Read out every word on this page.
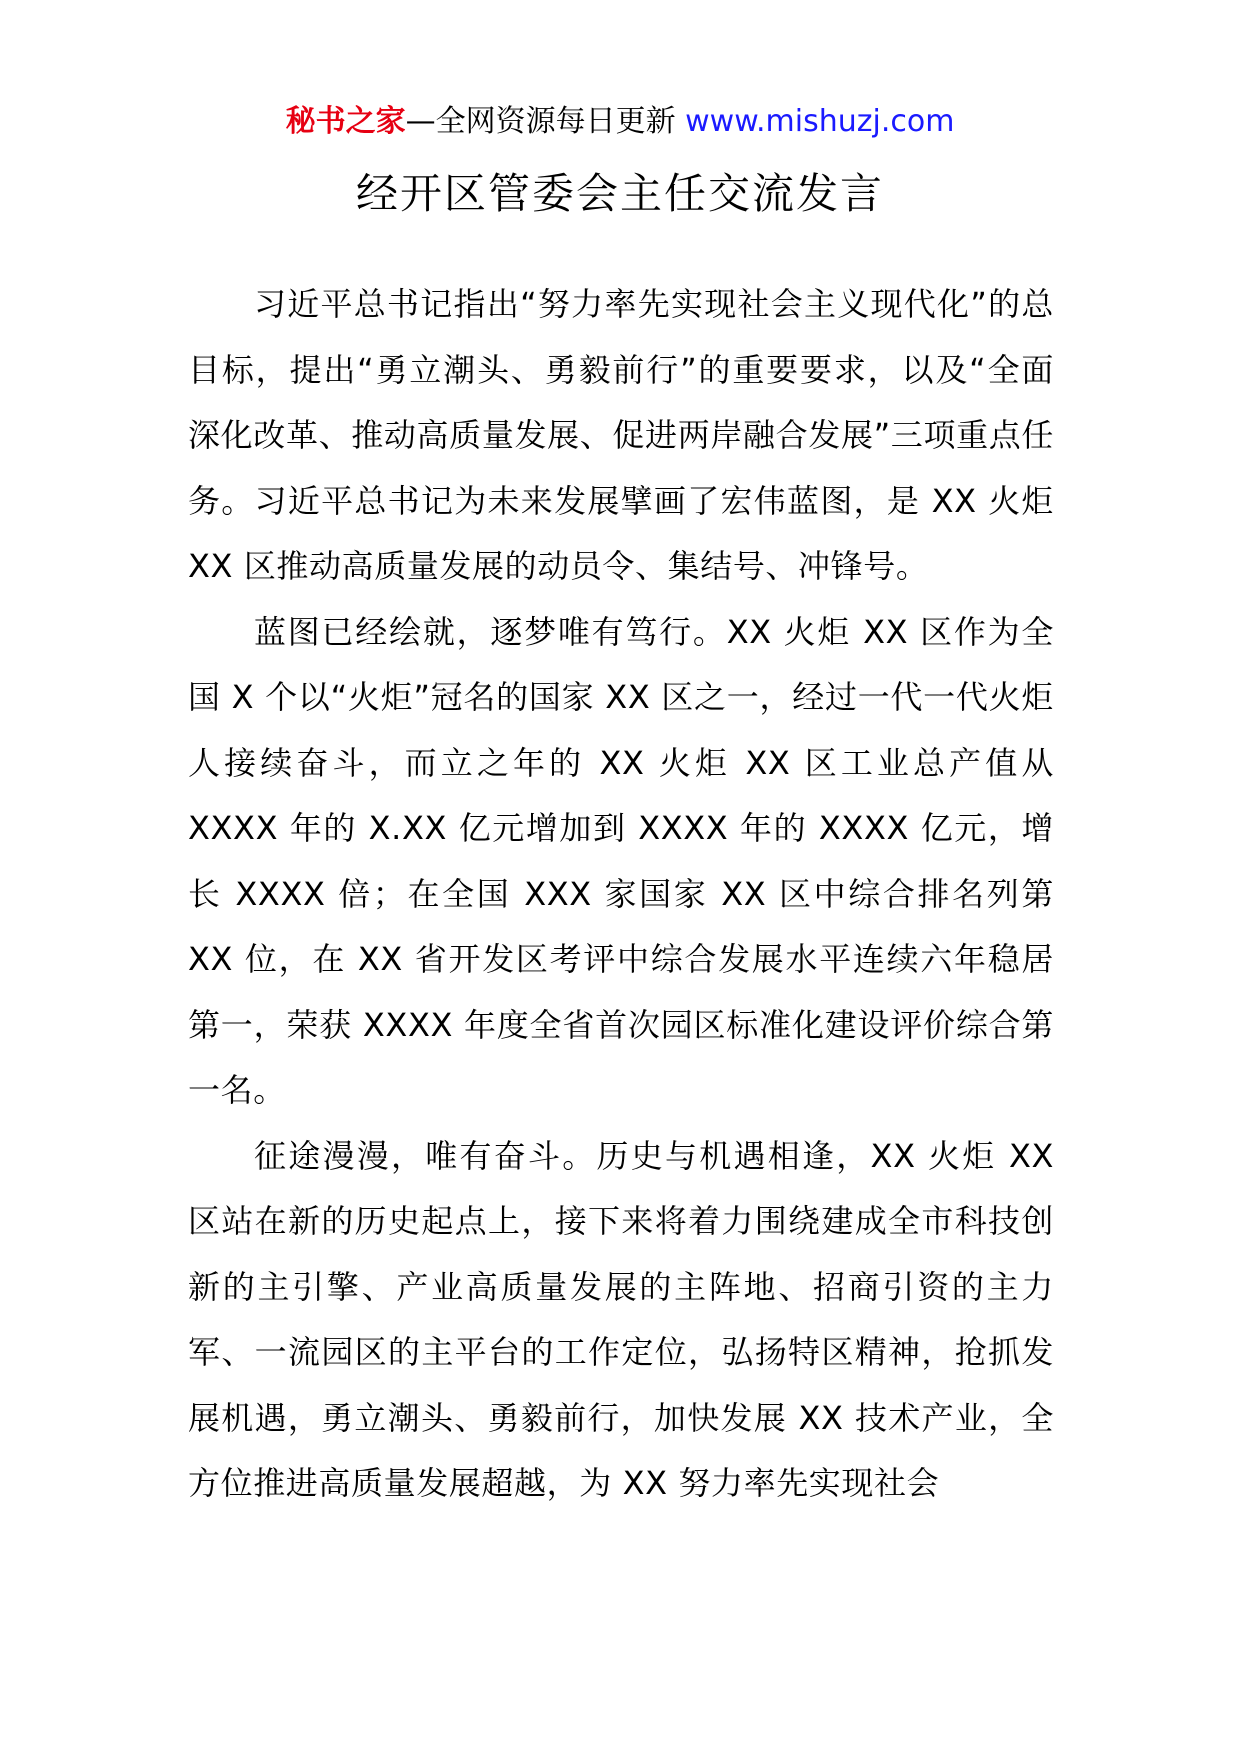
秘书之家—全网资源每日更新 www.mishuzj.com
经开区管委会主任交流发言

习近平总书记指出“努力率先实现社会主义现代化”的总目标，提出“勇立潮头、勇毅前行”的重要要求，以及“全面深化改革、推动高质量发展、促进两岸融合发展”三项重点任务。习近平总书记为未来发展擘画了宏伟蓝图，是 XX 火炬 XX 区推动高质量发展的动员令、集结号、冲锋号。

蓝图已经绘就，逐梦唯有笃行。XX 火炬 XX 区作为全国 X 个以“火炬”冠名的国家 XX 区之一，经过一代一代火炬人接续奋斗，而立之年的 XX 火炬 XX 区工业总产值从 XXXX 年的 X.XX 亿元增加到 XXXX 年的 XXXX 亿元，增长 XXXX 倍；在全国 XXX 家国家 XX 区中综合排名列第 XX 位，在 XX 省开发区考评中综合发展水平连续六年稳居第一，荣获 XXXX 年度全省首次园区标准化建设评价综合第一名。

征途漫漫，唯有奋斗。历史与机遇相逢，XX 火炬 XX 区站在新的历史起点上，接下来将着力围绕建成全市科技创新的主引擎、产业高质量发展的主阵地、招商引资的主力军、一流园区的主平台的工作定位，弘扬特区精神，抢抓发展机遇，勇立潮头、勇毅前行，加快发展 XX 技术产业，全方位推进高质量发展超越，为 XX 努力率先实现社会
